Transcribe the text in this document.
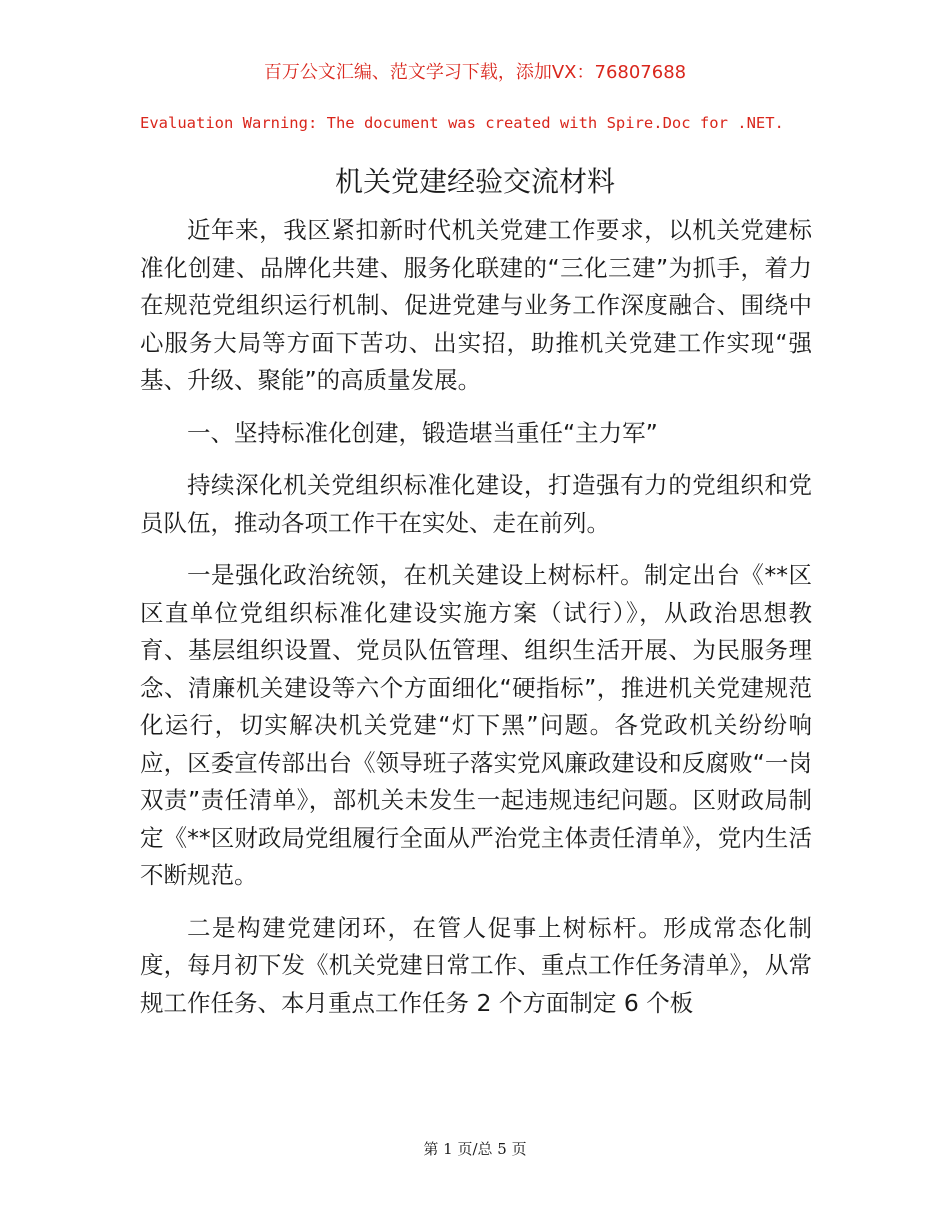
百万公文汇编、范文学习下载，添加VX：76807688
Evaluation Warning: The document was created with Spire.Doc for .NET.
机关党建经验交流材料

近年来，我区紧扣新时代机关党建工作要求，以机关党建标准化创建、品牌化共建、服务化联建的“三化三建”为抓手，着力在规范党组织运行机制、促进党建与业务工作深度融合、围绕中心服务大局等方面下苦功、出实招，助推机关党建工作实现“强基、升级、聚能”的高质量发展。

一、坚持标准化创建，锻造堪当重任“主力军”

持续深化机关党组织标准化建设，打造强有力的党组织和党员队伍，推动各项工作干在实处、走在前列。

一是强化政治统领，在机关建设上树标杆。制定出台《**区区直单位党组织标准化建设实施方案（试行）》，从政治思想教育、基层组织设置、党员队伍管理、组织生活开展、为民服务理念、清廉机关建设等六个方面细化“硬指标”，推进机关党建规范化运行，切实解决机关党建“灯下黑”问题。各党政机关纷纷响应，区委宣传部出台《领导班子落实党风廉政建设和反腐败“一岗双责”责任清单》，部机关未发生一起违规违纪问题。区财政局制定《**区财政局党组履行全面从严治党主体责任清单》，党内生活不断规范。

二是构建党建闭环，在管人促事上树标杆。形成常态化制度，每月初下发《机关党建日常工作、重点工作任务清单》，从常规工作任务、本月重点工作任务 2 个方面制定 6 个板

第 1 页/总 5 页
